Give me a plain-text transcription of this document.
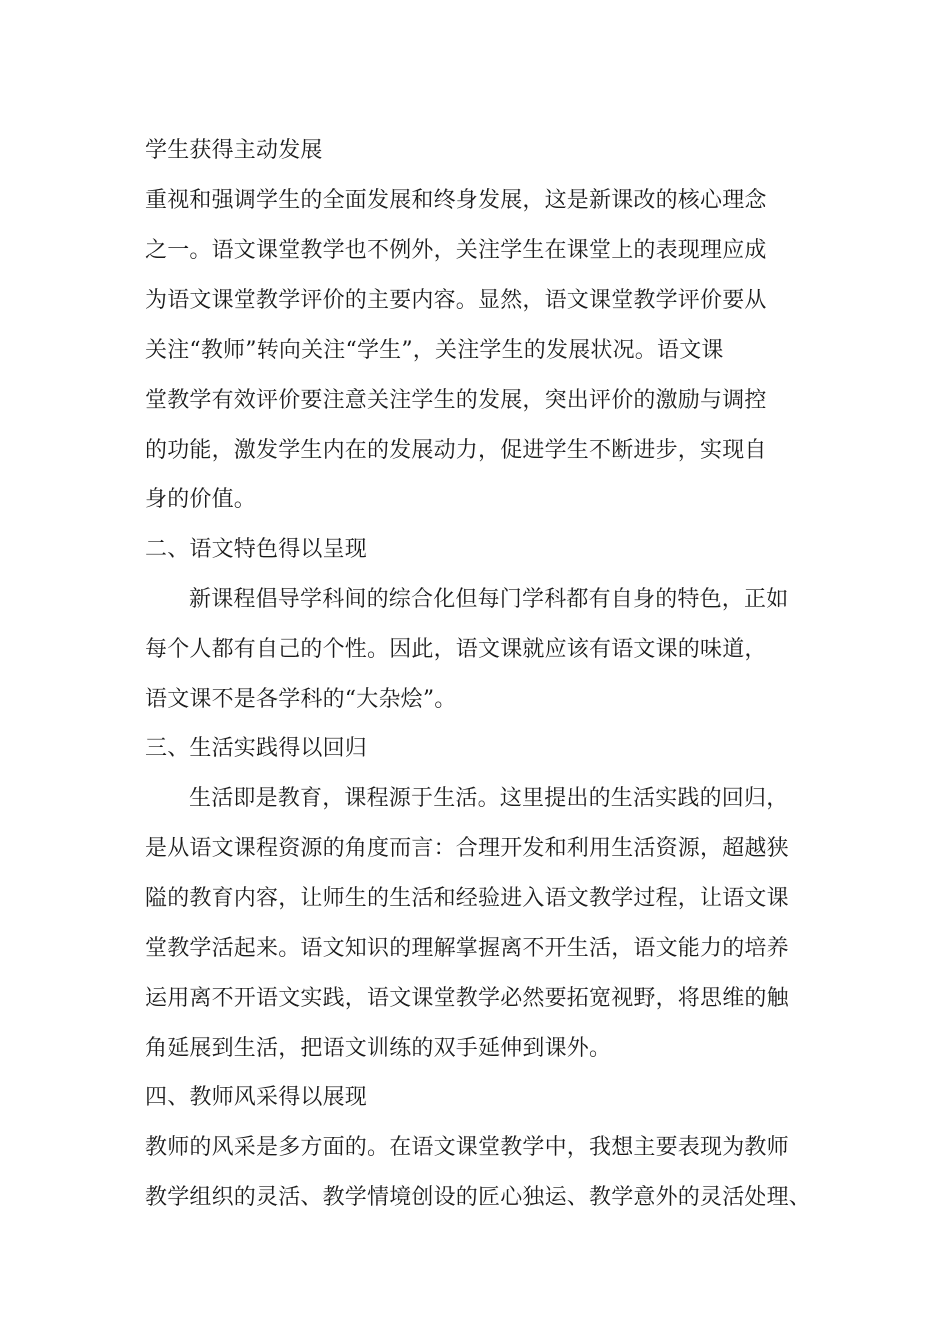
学生获得主动发展
重视和强调学生的全面发展和终身发展，这是新课改的核心理念
之一。语文课堂教学也不例外，关注学生在课堂上的表现理应成
为语文课堂教学评价的主要内容。显然，语文课堂教学评价要从
关注“教师”转向关注“学生”，关注学生的发展状况。语文课
堂教学有效评价要注意关注学生的发展，突出评价的激励与调控
的功能，激发学生内在的发展动力，促进学生不断进步，实现自
身的价值。
二、语文特色得以呈现
新课程倡导学科间的综合化但每门学科都有自身的特色，正如
每个人都有自己的个性。因此，语文课就应该有语文课的味道，
语文课不是各学科的“大杂烩”。
三、生活实践得以回归
生活即是教育，课程源于生活。这里提出的生活实践的回归，
是从语文课程资源的角度而言：合理开发和利用生活资源，超越狭
隘的教育内容，让师生的生活和经验进入语文教学过程，让语文课
堂教学活起来。语文知识的理解掌握离不开生活，语文能力的培养
运用离不开语文实践，语文课堂教学必然要拓宽视野，将思维的触
角延展到生活，把语文训练的双手延伸到课外。
四、教师风采得以展现
教师的风采是多方面的。在语文课堂教学中，我想主要表现为教师
教学组织的灵活、教学情境创设的匠心独运、教学意外的灵活处理、
